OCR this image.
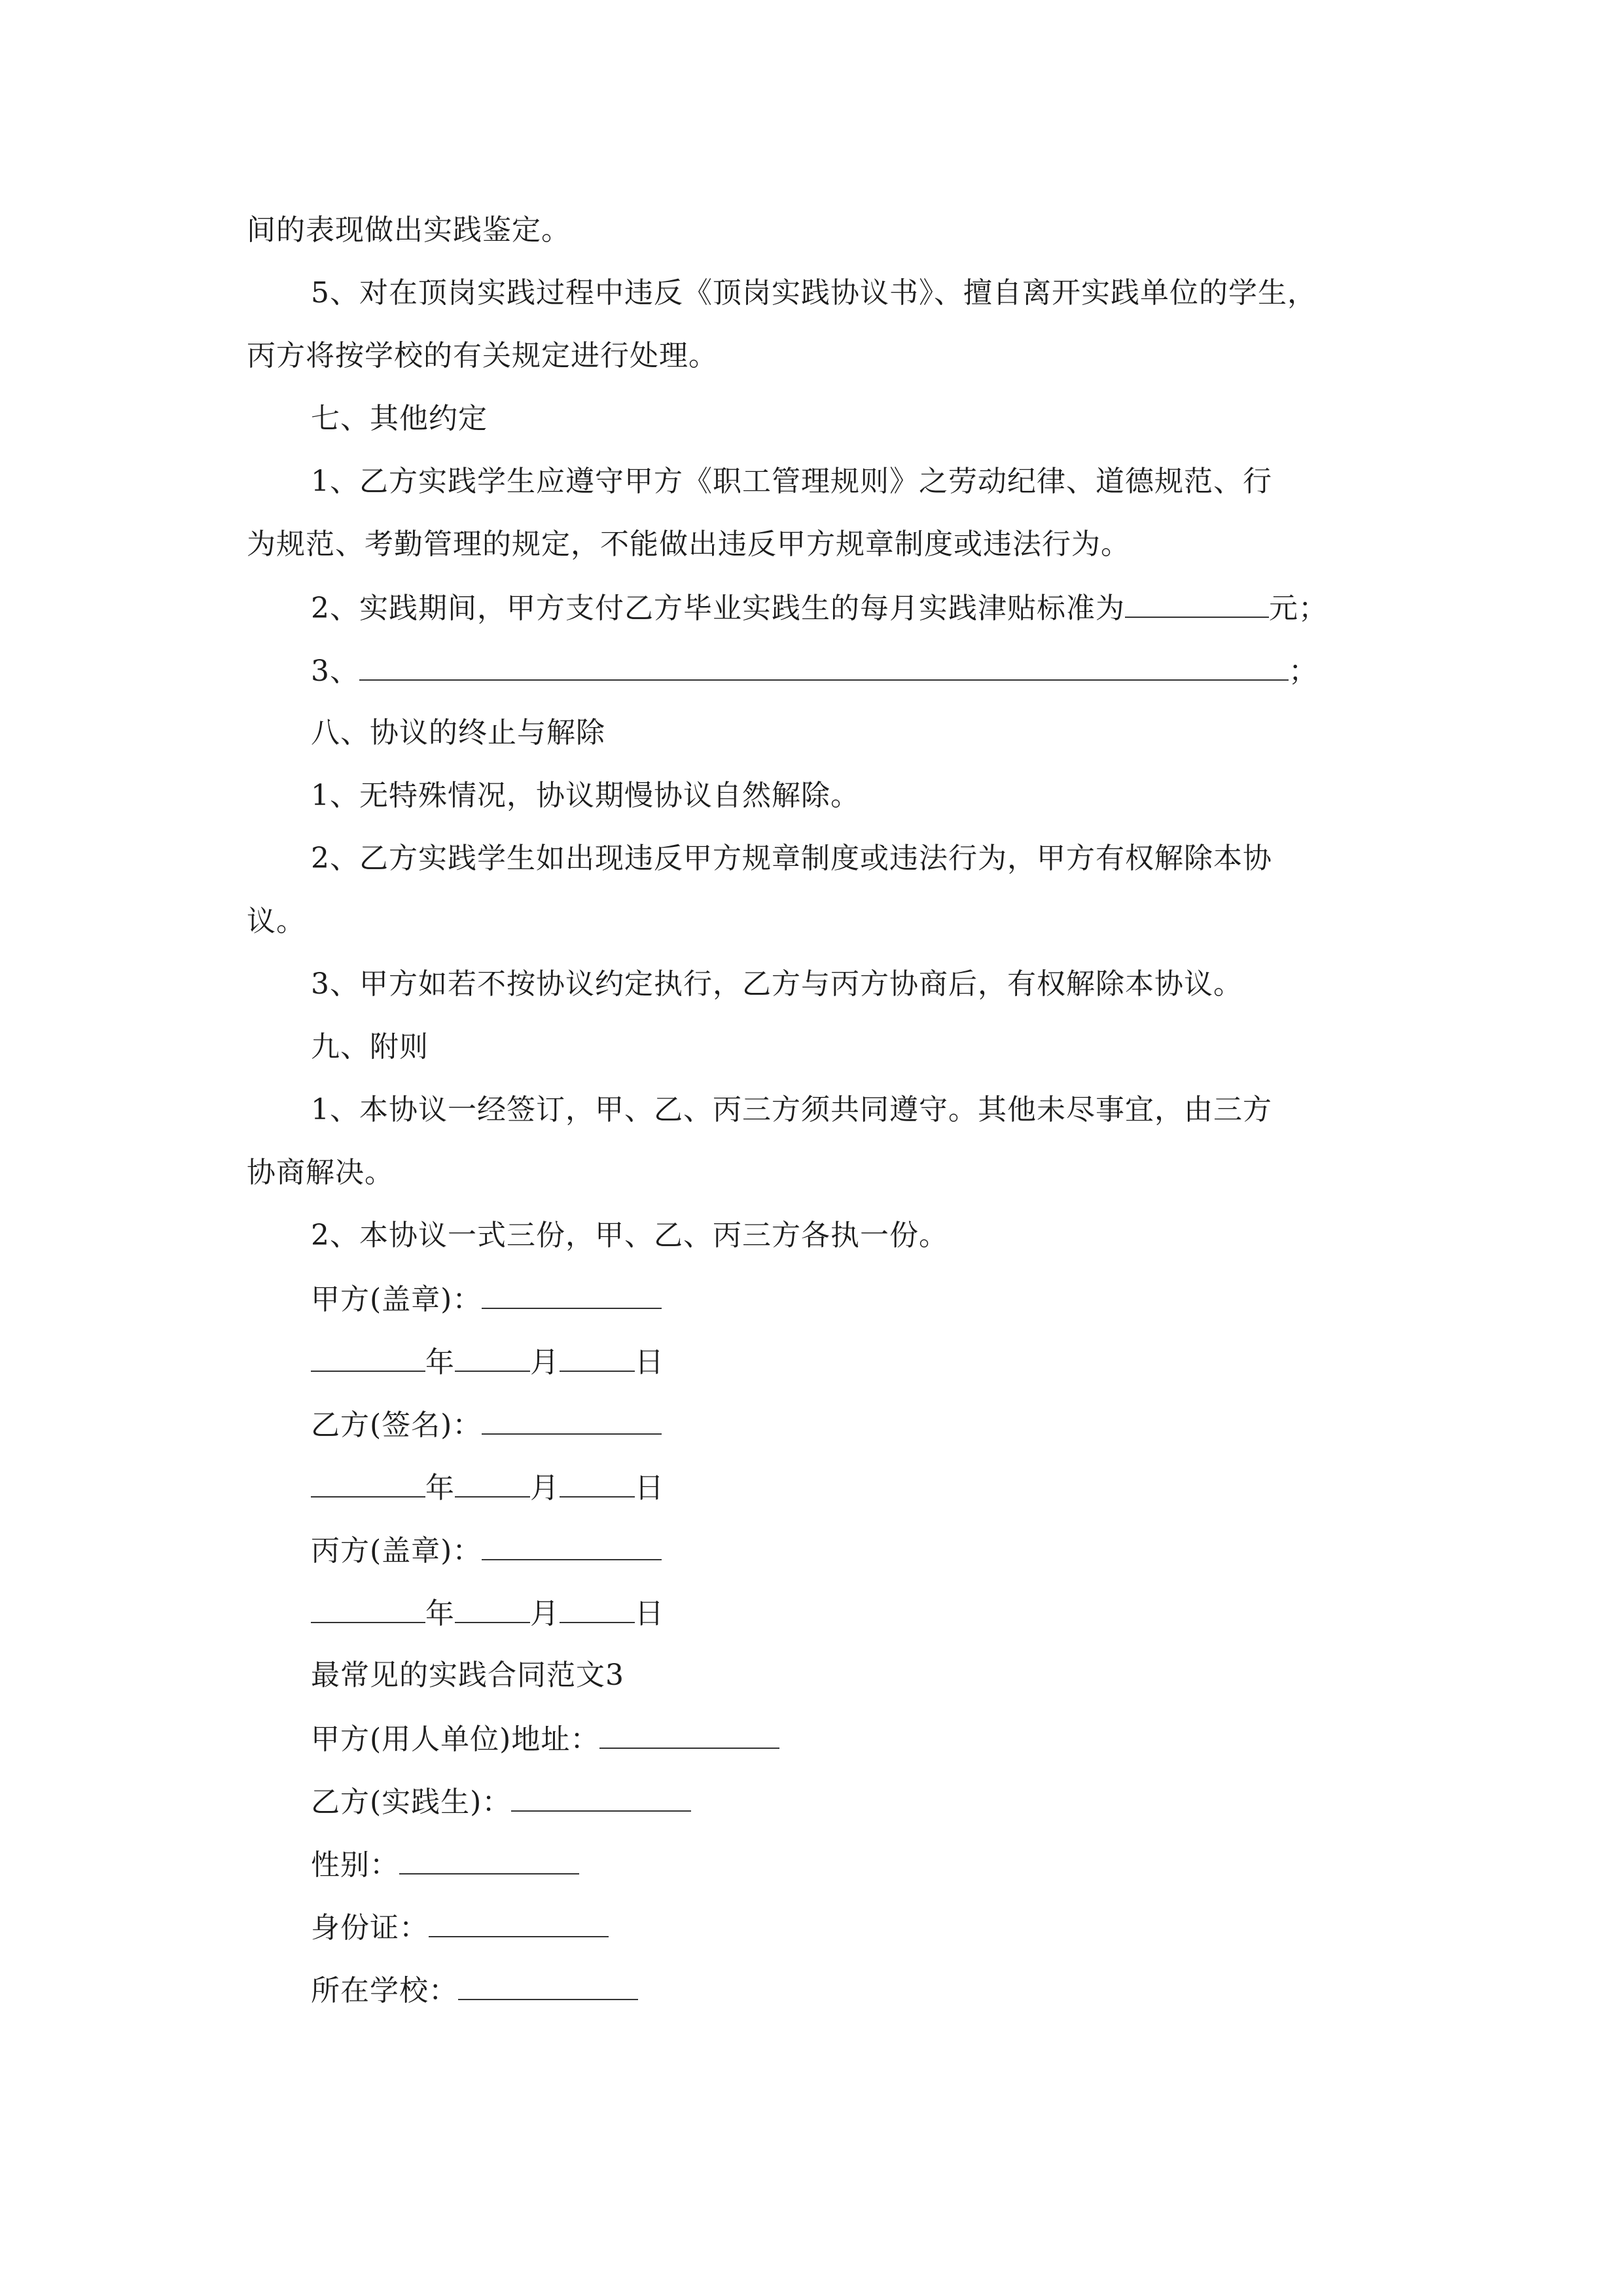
间的表现做出实践鉴定。
5、对在顶岗实践过程中违反《顶岗实践协议书》、擅自离开实践单位的学生，
丙方将按学校的有关规定进行处理。
七、其他约定
1、乙方实践学生应遵守甲方《职工管理规则》之劳动纪律、道德规范、行
为规范、考勤管理的规定，不能做出违反甲方规章制度或违法行为。
2、实践期间，甲方支付乙方毕业实践生的每月实践津贴标准为	元；
3、	；
八、协议的终止与解除
1、无特殊情况，协议期慢协议自然解除。
2、乙方实践学生如出现违反甲方规章制度或违法行为，甲方有权解除本协
议。
3、甲方如若不按协议约定执行，乙方与丙方协商后，有权解除本协议。
九、附则
1、本协议一经签订，甲、乙、丙三方须共同遵守。其他未尽事宜，由三方
协商解决。
2、本协议一式三份，甲、乙、丙三方各执一份。
甲方(盖章)：
年	月	日
乙方(签名)：
年	月	日
丙方(盖章)：
年	月	日
最常见的实践合同范文3
甲方(用人单位)地址：
乙方(实践生)：
性别：
身份证：
所在学校：
